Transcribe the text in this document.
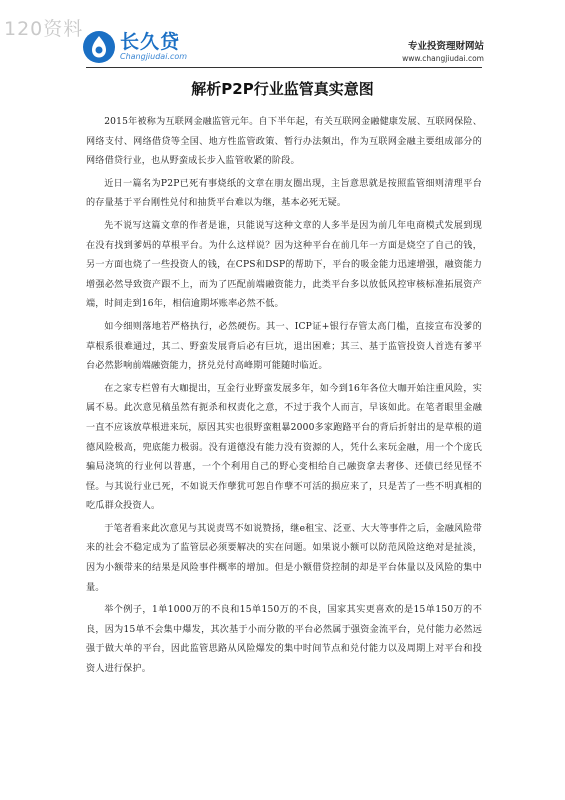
120资料
长久贷
Changjiudai.com
专业投资理财网站
www.changjiudai.com
解析P2P行业监管真实意图

2015年被称为互联网金融监管元年。自下半年起，有关互联网金融健康发展、互联网保险、网络支付、网络借贷等全国、地方性监管政策、暂行办法频出，作为互联网金融主要组成部分的网络借贷行业，也从野蛮成长步入监管收紧的阶段。

近日一篇名为P2P已死有事烧纸的文章在朋友圈出现，主旨意思就是按照监管细则清理平台的存量基于平台刚性兑付和抽货平台难以为继，基本必死无疑。

先不说写这篇文章的作者是谁，只能说写这种文章的人多半是因为前几年电商模式发展到现在没有找到爹妈的草根平台。为什么这样说？因为这种平台在前几年一方面是烧空了自己的钱，另一方面也烧了一些投资人的钱，在CPS和DSP的帮助下，平台的吸金能力迅速增强，融资能力增强必然导致资产跟不上，而为了匹配前端融资能力，此类平台多以放低风控审核标准拓展资产端，时间走到16年，相信逾期坏账率必然不低。

如今细则落地若严格执行，必然硬伤。其一、ICP证+银行存管太高门槛，直接宣布没爹的草根系很难通过，其二、野蛮发展背后必有巨坑，退出困难；其三、基于监管投资人首选有爹平台必然影响前端融资能力，挤兑兑付高峰期可能随时临近。

在之家专栏曾有大咖提出，互金行业野蛮发展多年，如今到16年各位大咖开始注重风险，实属不易。此次意见稿虽然有扼杀和权责化之意，不过于我个人而言，早该如此。在笔者眼里金融一直不应该放草根进来玩，原因其实也很野蛮粗暴2000多家跑路平台的背后折射出的是草根的道德风险极高，兜底能力极弱。没有道德没有能力没有资源的人，凭什么来玩金融，用一个个庞氏骗局浇筑的行业何以普惠，一个个利用自己的野心变相给自己融资拿去奢侈、还债已经见怪不怪。与其说行业已死，不如说天作孽犹可恕自作孽不可活的损应来了，只是苦了一些不明真相的吃瓜群众投资人。

于笔者看来此次意见与其说责骂不如说赞扬，继e租宝、泛亚、大大等事件之后，金融风险带来的社会不稳定成为了监管层必须要解决的实在问题。如果说小额可以防范风险这绝对是扯淡，因为小额带来的结果是风险事件概率的增加。但是小额借贷控制的却是平台体量以及风险的集中量。

举个例子，1单1000万的不良和15单150万的不良，国家其实更喜欢的是15单150万的不良，因为15单不会集中爆发，其次基于小而分散的平台必然属于强资金流平台，兑付能力必然远强于做大单的平台，因此监管思路从风险爆发的集中时间节点和兑付能力以及周期上对平台和投资人进行保护。
